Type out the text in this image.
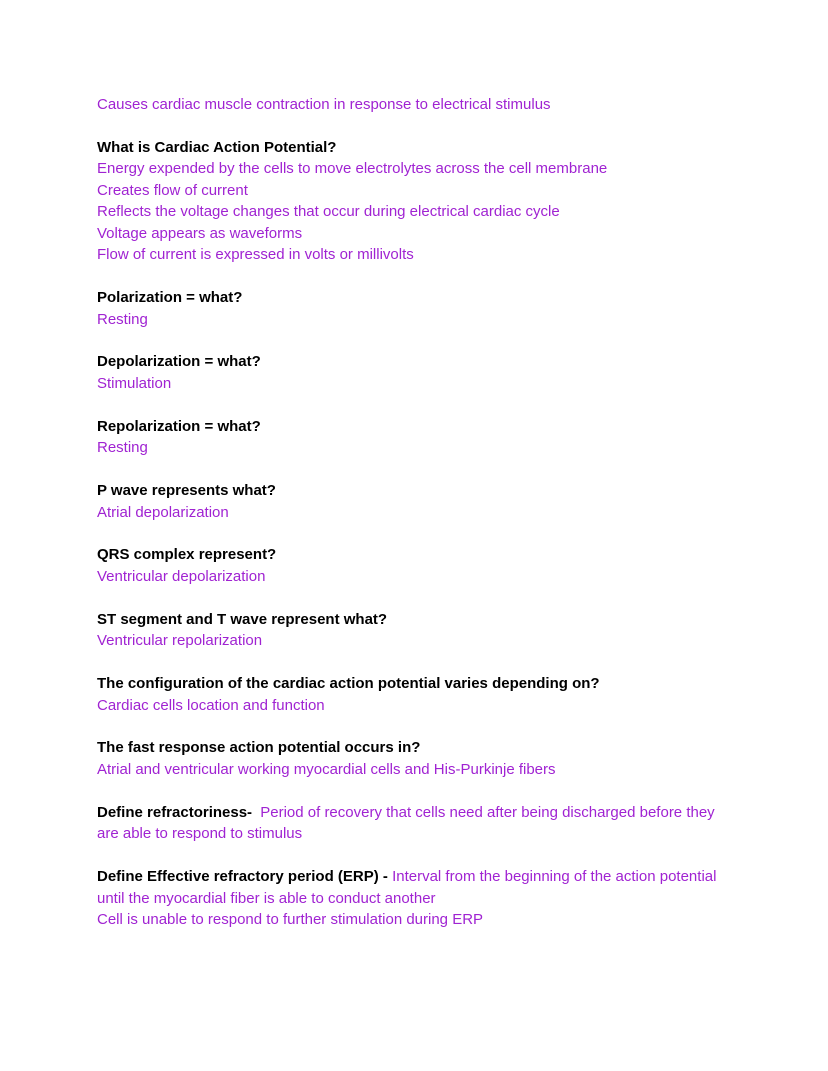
Causes cardiac muscle contraction in response to electrical stimulus

What is Cardiac Action Potential?
Energy expended by the cells to move electrolytes across the cell membrane
Creates flow of current
Reflects the voltage changes that occur during electrical cardiac cycle
Voltage appears as waveforms
Flow of current is expressed in volts or millivolts

Polarization = what?
Resting

Depolarization = what?
Stimulation

Repolarization = what?
Resting

P wave represents what?
Atrial depolarization

QRS complex represent?
Ventricular depolarization

ST segment and T wave represent what?
Ventricular repolarization

The configuration of the cardiac action potential varies depending on?
Cardiac cells location and function

The fast response action potential occurs in?
Atrial and ventricular working myocardial cells and His-Purkinje fibers

Define refractoriness- Period of recovery that cells need after being discharged before they are able to respond to stimulus

Define Effective refractory period (ERP) - Interval from the beginning of the action potential until the myocardial fiber is able to conduct another
Cell is unable to respond to further stimulation during ERP
